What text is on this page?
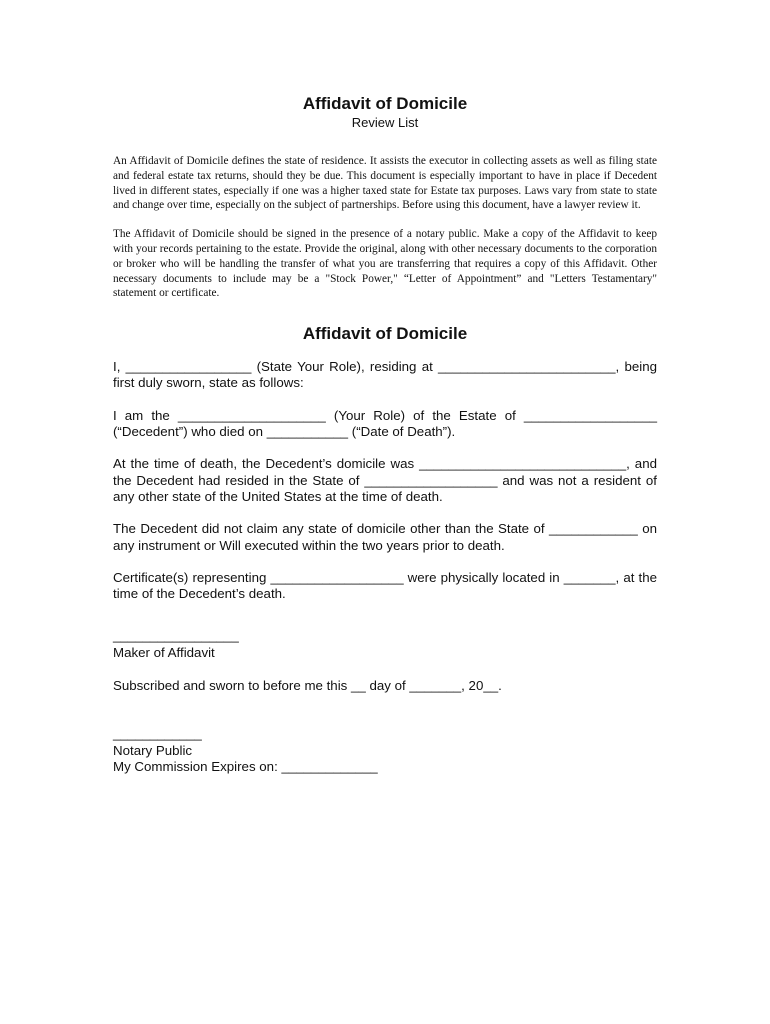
Affidavit of Domicile
Review List

An Affidavit of Domicile defines the state of residence. It assists the executor in collecting assets as well as filing state and federal estate tax returns, should they be due. This document is especially important to have in place if Decedent lived in different states, especially if one was a higher taxed state for Estate tax purposes. Laws vary from state to state and change over time, especially on the subject of partnerships. Before using this document, have a lawyer review it.

The Affidavit of Domicile should be signed in the presence of a notary public. Make a copy of the Affidavit to keep with your records pertaining to the estate. Provide the original, along with other necessary documents to the corporation or broker who will be handling the transfer of what you are transferring that requires a copy of this Affidavit. Other necessary documents to include may be a "Stock Power," “Letter of Appointment” and "Letters Testamentary" statement or certificate.

Affidavit of Domicile

I, _________________ (State Your Role), residing at ________________________, being first duly sworn, state as follows:

I am the ____________________ (Your Role) of the Estate of __________________ (“Decedent”) who died on ___________ (“Date of Death”).

At the time of death, the Decedent’s domicile was ____________________________, and the Decedent had resided in the State of __________________ and was not a resident of any other state of the United States at the time of death.

The Decedent did not claim any state of domicile other than the State of ____________ on any instrument or Will executed within the two years prior to death.

Certificate(s) representing __________________ were physically located in _______, at the time of the Decedent’s death.

_________________
Maker of Affidavit
Subscribed and sworn to before me this __ day of _______, 20__.
____________
Notary Public
My Commission Expires on: _____________
